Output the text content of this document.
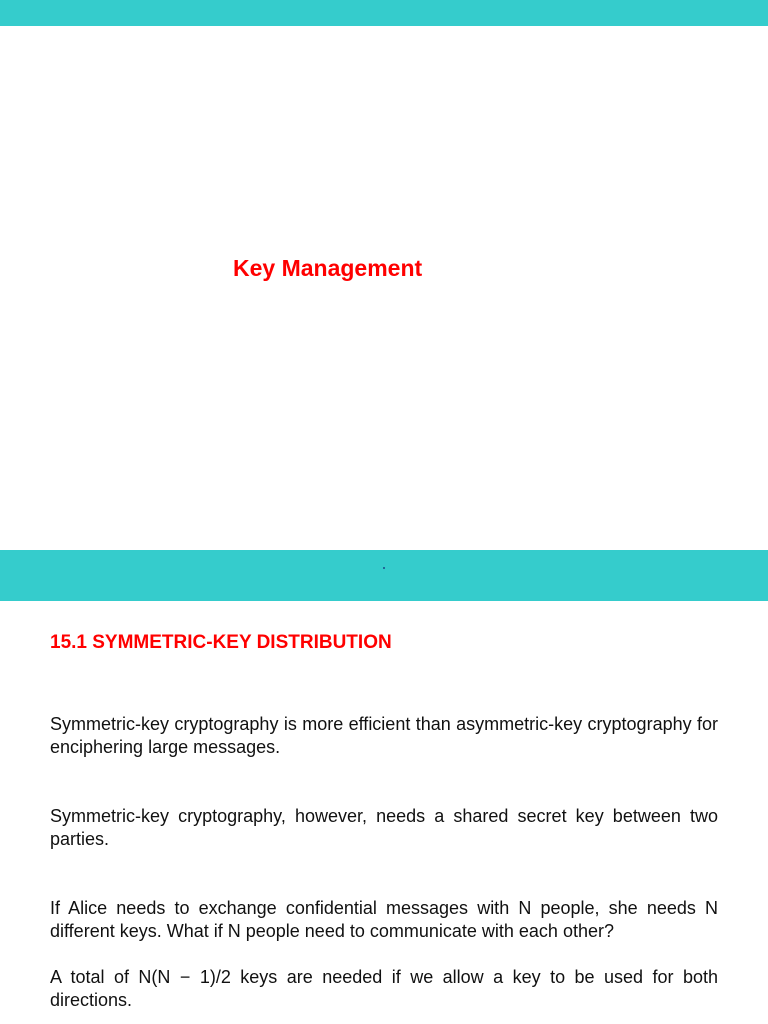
Key Management
15.1 SYMMETRIC-KEY DISTRIBUTION

Symmetric-key cryptography is more efficient than asymmetric-key cryptography for enciphering large messages.

Symmetric-key cryptography, however, needs a shared secret key between two parties.

If Alice needs to exchange confidential messages with N people, she needs N different keys. What if N people need to communicate with each other?

A total of N(N − 1)/2 keys are needed if we allow a key to be used for both directions.
